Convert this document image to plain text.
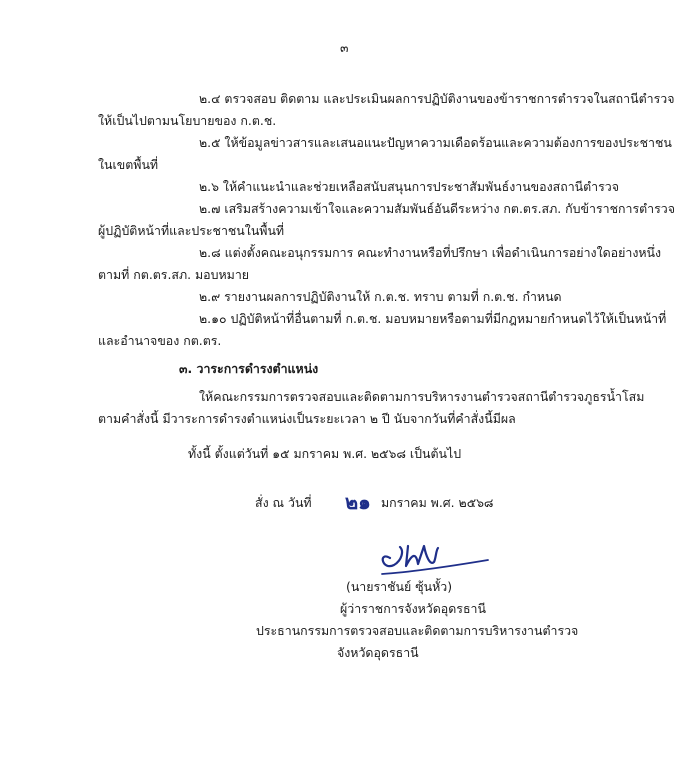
๓
๒.๔ ตรวจสอบ ติดตาม และประเมินผลการปฏิบัติงานของข้าราชการตำรวจในสถานีตำรวจ
ให้เป็นไปตามนโยบายของ ก.ต.ช.
๒.๕ ให้ข้อมูลข่าวสารและเสนอแนะปัญหาความเดือดร้อนและความต้องการของประชาชน
ในเขตพื้นที่
๒.๖ ให้คำแนะนำและช่วยเหลือสนับสนุนการประชาสัมพันธ์งานของสถานีตำรวจ
๒.๗ เสริมสร้างความเข้าใจและความสัมพันธ์อันดีระหว่าง กต.ตร.สภ. กับข้าราชการตำรวจ
ผู้ปฏิบัติหน้าที่และประชาชนในพื้นที่
๒.๘ แต่งตั้งคณะอนุกรรมการ คณะทำงานหรือที่ปรึกษา เพื่อดำเนินการอย่างใดอย่างหนึ่ง
ตามที่ กต.ตร.สภ. มอบหมาย
๒.๙ รายงานผลการปฏิบัติงานให้ ก.ต.ช. ทราบ ตามที่ ก.ต.ช. กำหนด
๒.๑๐ ปฏิบัติหน้าที่อื่นตามที่ ก.ต.ช. มอบหมายหรือตามที่มีกฎหมายกำหนดไว้ให้เป็นหน้าที่
และอำนาจของ กต.ตร.
๓. วาระการดำรงตำแหน่ง
ให้คณะกรรมการตรวจสอบและติดตามการบริหารงานตำรวจสถานีตำรวจภูธรน้ำโสม
ตามคำสั่งนี้ มีวาระการดำรงตำแหน่งเป็นระยะเวลา ๒ ปี นับจากวันที่คำสั่งนี้มีผล
ทั้งนี้ ตั้งแต่วันที่ ๑๕ มกราคม พ.ศ. ๒๕๖๘ เป็นต้นไป
สั่ง ณ วันที่ ๒๑ มกราคม พ.ศ. ๒๕๖๘
(นายราชันย์ ซุ้นหั้ว)
ผู้ว่าราชการจังหวัดอุดรธานี
ประธานกรรมการตรวจสอบและติดตามการบริหารงานตำรวจ
จังหวัดอุดรธานี
